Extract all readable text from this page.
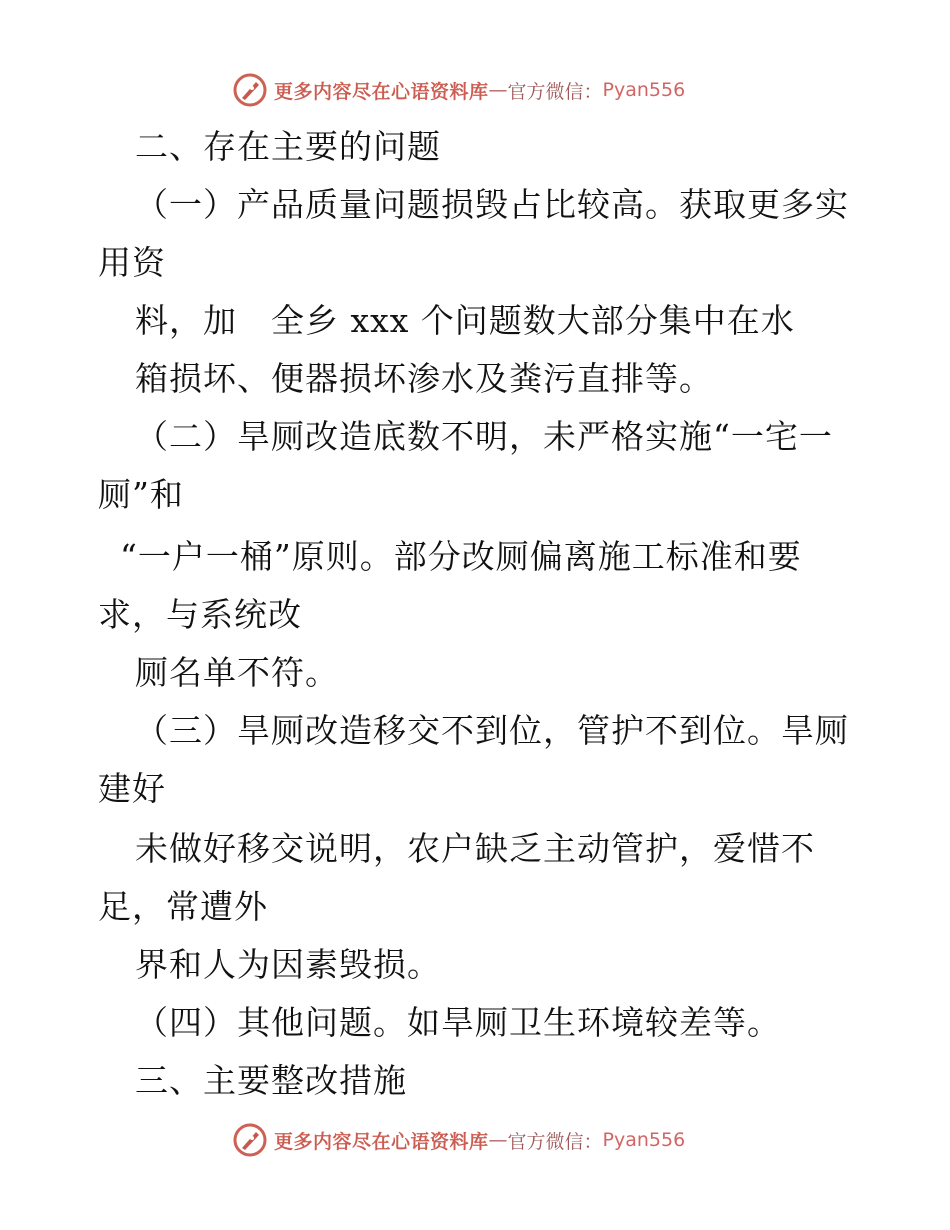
更多内容尽在心语资料库 — 官方微信： Pyan556
二、存在主要的问题
（一）产品质量问题损毁占比较高。获取更多实
用资
料，加　全乡 xxx 个问题数大部分集中在水
箱损坏、便器损坏渗水及粪污直排等。
（二）旱厕改造底数不明，未严格实施“一宅一
厕”和
“一户一桶”原则。部分改厕偏离施工标准和要
求，与系统改
厕名单不符。
（三）旱厕改造移交不到位，管护不到位。旱厕
建好
未做好移交说明，农户缺乏主动管护，爱惜不
足，常遭外
界和人为因素毁损。
（四）其他问题。如旱厕卫生环境较差等。
三、主要整改措施
更多内容尽在心语资料库 — 官方微信： Pyan556
